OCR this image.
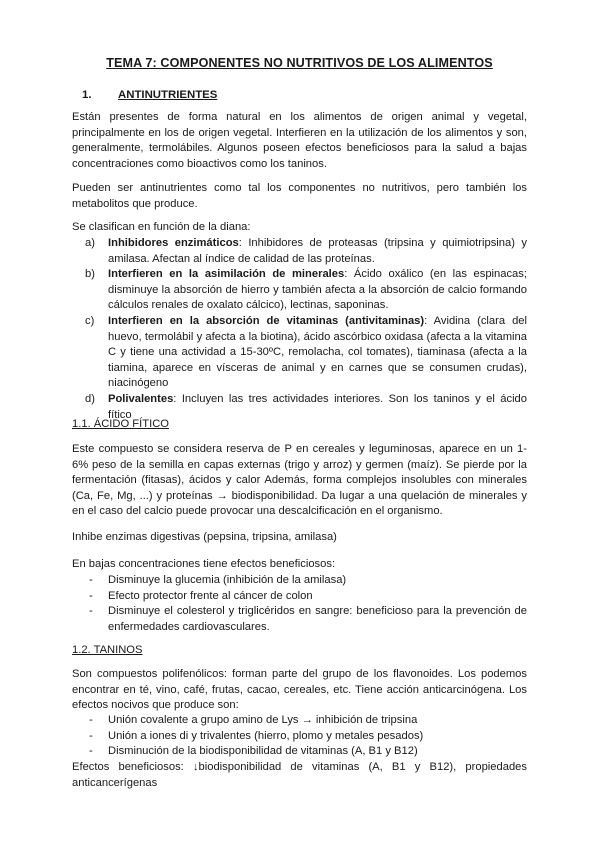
TEMA 7: COMPONENTES NO NUTRITIVOS DE LOS ALIMENTOS
1. ANTINUTRIENTES
Están presentes de forma natural en los alimentos de origen animal y vegetal, principalmente en los de origen vegetal. Interfieren en la utilización de los alimentos y son, generalmente, termolábiles. Algunos poseen efectos beneficiosos para la salud a bajas concentraciones como bioactivos como los taninos.
Pueden ser antinutrientes como tal los componentes no nutritivos, pero también los metabolitos que produce.
Se clasifican en función de la diana:
a) Inhibidores enzimáticos: Inhibidores de proteasas (tripsina y quimiotripsina) y amilasa. Afectan al índice de calidad de las proteínas.
b) Interfieren en la asimilación de minerales: Ácido oxálico (en las espinacas; disminuye la absorción de hierro y también afecta a la absorción de calcio formando cálculos renales de oxalato cálcico), lectinas, saponinas.
c) Interfieren en la absorción de vitaminas (antivitaminas): Avidina (clara del huevo, termolábil y afecta a la biotina), ácido ascórbico oxidasa (afecta a la vitamina C y tiene una actividad a 15-30ºC, remolacha, col tomates), tiaminasa (afecta a la tiamina, aparece en vísceras de animal y en carnes que se consumen crudas), niacinógeno
d) Polivalentes: Incluyen las tres actividades interiores. Son los taninos y el ácido fítico
1.1. ÁCIDO FÍTICO
Este compuesto se considera reserva de P en cereales y leguminosas, aparece en un 1-6% peso de la semilla en capas externas (trigo y arroz) y germen (maíz). Se pierde por la fermentación (fitasas), ácidos y calor Además, forma complejos insolubles con minerales (Ca, Fe, Mg, ...) y proteínas → biodisponibilidad. Da lugar a una quelación de minerales y en el caso del calcio puede provocar una descalcificación en el organismo.
Inhibe enzimas digestivas (pepsina, tripsina, amilasa)
En bajas concentraciones tiene efectos beneficiosos:
- Disminuye la glucemia (inhibición de la amilasa)
- Efecto protector frente al cáncer de colon
- Disminuye el colesterol y triglicéridos en sangre: beneficioso para la prevención de enfermedades cardiovasculares.
1.2. TANINOS
Son compuestos polifenólicos: forman parte del grupo de los flavonoides. Los podemos encontrar en té, vino, café, frutas, cacao, cereales, etc. Tiene acción anticarcinógena. Los efectos nocivos que produce son:
- Unión covalente a grupo amino de Lys → inhibición de tripsina
- Unión a iones di y trivalentes (hierro, plomo y metales pesados)
- Disminución de la biodisponibilidad de vitaminas (A, B1 y B12)
Efectos beneficiosos: ↓biodisponibilidad de vitaminas (A, B1 y B12), propiedades anticancerígenas
